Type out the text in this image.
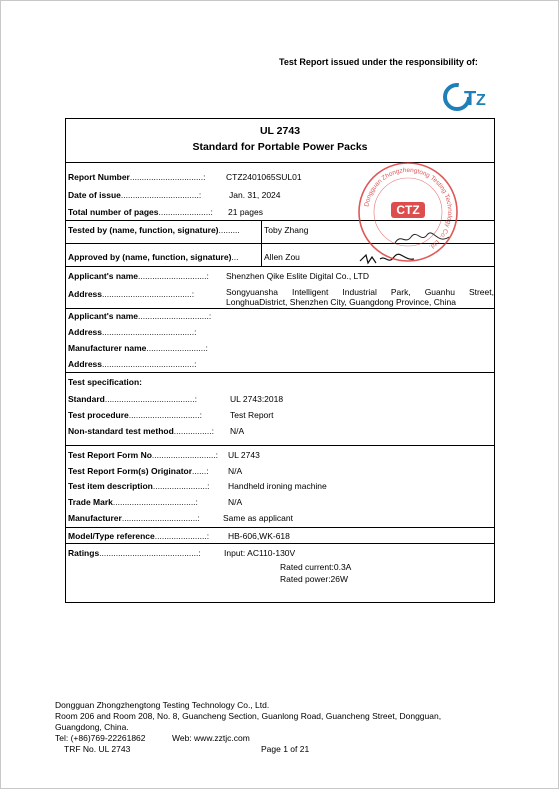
Test Report issued under the responsibility of:
T Z
UL 2743
Standard for Portable Power Packs
Report Number...............................: CTZ2401065SUL01
Date of issue.................................:	Jan. 31, 2024
Total number of pages......................: 21 pages
Tested by (name, function, signature).........	Toby Zhang
Approved by (name, function, signature)...	Allen Zou
Applicant's name.............................: Shenzhen Qike Eslite Digital Co., LTD
Address......................................:	Songyuansha Intelligent Industrial Park, Guanhu Street, LonghuaDistrict, Shenzhen City, Guangdong Province, China
Applicant's name..............................:
Address.......................................:
Manufacturer name.........................:
Address.......................................:
Test specification:
Standard......................................:	UL 2743:2018
Test procedure..............................:	Test Report
Non-standard test method................: N/A
Test Report Form No...........................: UL 2743
Test Report Form(s) Originator......: N/A
Test item description.......................: Handheld ironing machine
Trade Mark...................................:	N/A
Manufacturer................................:	Same as applicant
Model/Type reference......................: HB-606,WK-618
Ratings..........................................:	Input: AC110-130V
Rated current:0.3A
Rated power:26W
Dongguan Zhongzhengtong Testing Technology Co., Ltd.
CTZ
Dongguan Zhongzhengtong Testing Technology Co., Ltd.
Room 206 and Room 208, No. 8, Guancheng Section, Guanlong Road, Guancheng Street, Dongguan,
Guangdong, China.
Tel: (+86)769-22261862	Web: www.zztjc.com
TRF No. UL 2743	Page 1 of 21
